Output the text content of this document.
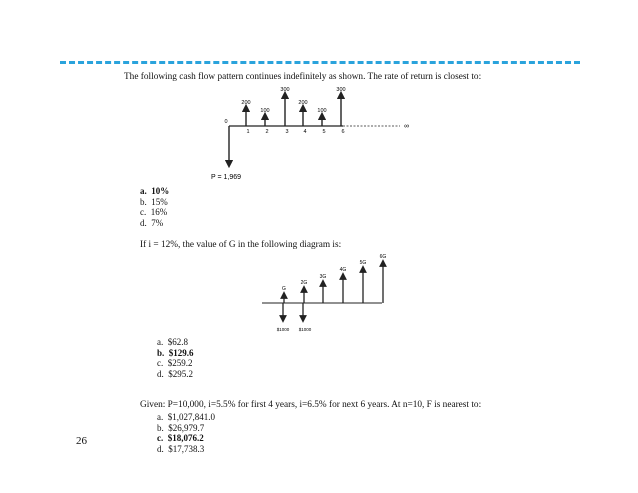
The following cash flow pattern continues indefinitely as shown. The rate of return is closest to:
200
100
300
200
100
300
0
1	2	3	4	5	6
∞
P = 1,969
a. 10%
b. 15%
c. 16%
d. 7%
If i = 12%, the value of G in the following diagram is:
G
2G
3G
4G
5G
6G
$1000 $1000
a. $62.8
b. $129.6
c. $259.2
d. $295.2
Given: P=10,000, i=5.5% for first 4 years, i=6.5% for next 6 years. At n=10, F is nearest to:
a. $1,027,841.0
b. $26,979.7
c. $18,076.2
d. $17,738.3
26
